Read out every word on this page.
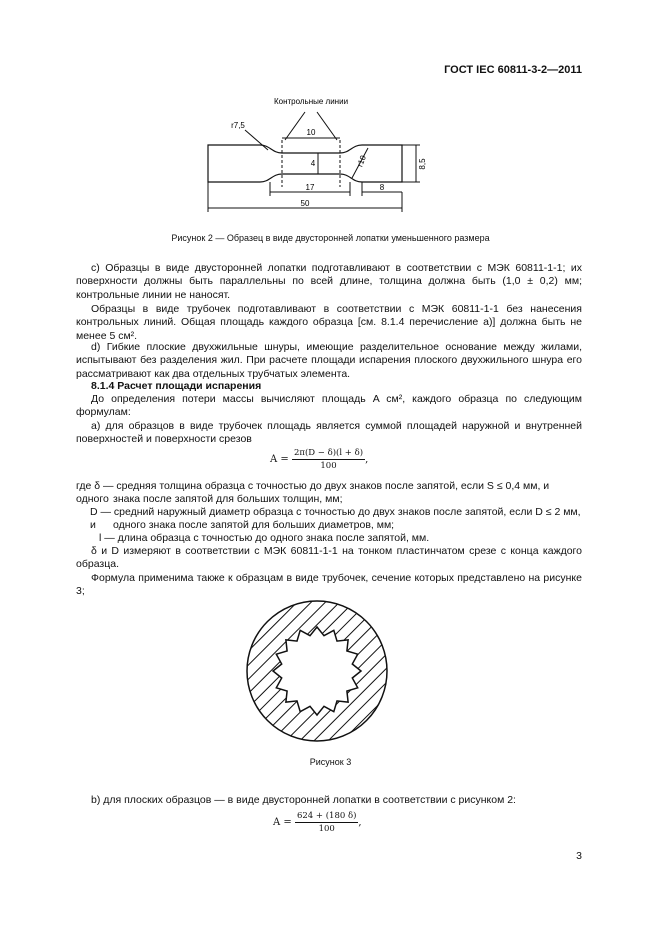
ГОСТ IEC 60811-3-2—2011
Контрольные линии
r7,5
10
4	r10	8,5
17	8
50
Рисунок 2 — Образец в виде двусторонней лопатки уменьшенного размера
c) Образцы в виде двусторонней лопатки подготавливают в соответствии с МЭК 60811-1-1; их поверхности должны быть параллельны по всей длине, толщина должна быть (1,0 ± 0,2) мм; контрольные линии не наносят.
Образцы в виде трубочек подготавливают в соответствии с МЭК 60811-1-1 без нанесения контрольных линий. Общая площадь каждого образца [см. 8.1.4 перечисление а)] должна быть не менее 5 см².
d) Гибкие плоские двухжильные шнуры, имеющие разделительное основание между жилами, испытывают без разделения жил. При расчете площади испарения плоского двухжильного шнура его рассматривают как два отдельных трубчатых элемента.
8.1.4 Расчет площади испарения
До определения потери массы вычисляют площадь A см², каждого образца по следующим формулам:
а) для образцов в виде трубочек площадь является суммой площадей наружной и внутренней поверхностей и поверхности срезов
$A = \frac{2\pi(D - \delta)(l + \delta)}{100}$ ,
где δ — средняя толщина образца с точностью до двух знаков после запятой, если S ≤ 0,4 мм, и одного знака после запятой для больших толщин, мм;
D — средний наружный диаметр образца с точностью до двух знаков после запятой, если D ≤ 2 мм, и	одного знака после запятой для больших диаметров, мм;
l — длина образца с точностью до одного знака после запятой, мм.
δ и D измеряют в соответствии с МЭК 60811-1-1 на тонком пластинчатом срезе с конца каждого образца.
Формула применима также к образцам в виде трубочек, сечение которых представлено на рисунке 3;
Рисунок 3
b) для плоских образцов — в виде двусторонней лопатки в соответствии с рисунком 2:
$A = \frac{624 + (180 \delta)}{100}$ ,
3
